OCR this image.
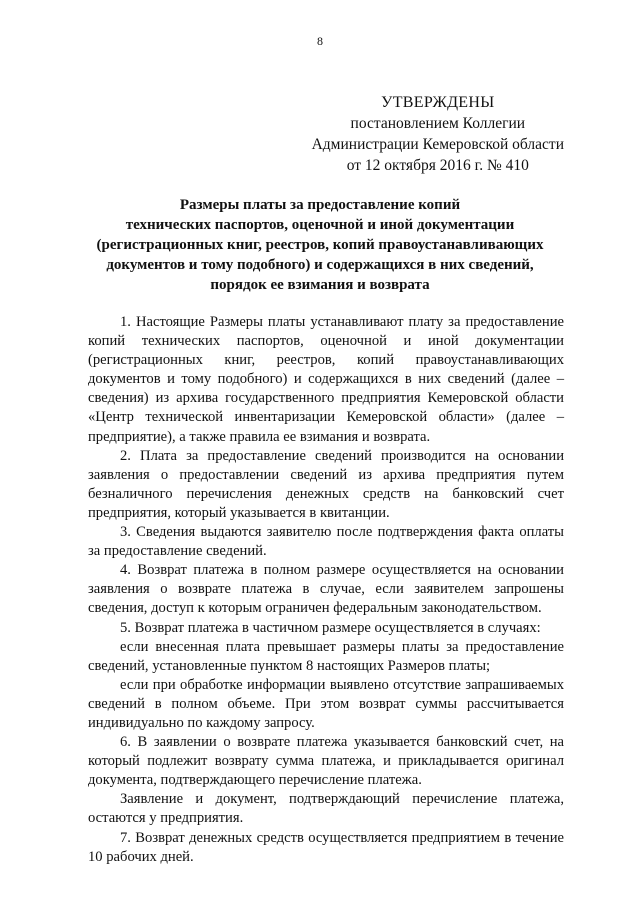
8
УТВЕРЖДЕНЫ
постановлением Коллегии
Администрации Кемеровской области
от 12 октября 2016 г. № 410
Размеры платы за предоставление копий
технических паспортов, оценочной и иной документации
(регистрационных книг, реестров, копий правоустанавливающих
документов и тому подобного) и содержащихся в них сведений,
порядок ее взимания и возврата

1. Настоящие Размеры платы устанавливают плату за предоставление копий технических паспортов, оценочной и иной документации (регистрационных книг, реестров, копий правоустанавливающих документов и тому подобного) и содержащихся в них сведений (далее – сведения) из архива государственного предприятия Кемеровской области «Центр технической инвентаризации Кемеровской области» (далее – предприятие), а также правила ее взимания и возврата.

2. Плата за предоставление сведений производится на основании заявления о предоставлении сведений из архива предприятия путем безналичного перечисления денежных средств на банковский счет предприятия, который указывается в квитанции.

3. Сведения выдаются заявителю после подтверждения факта оплаты за предоставление сведений.

4. Возврат платежа в полном размере осуществляется на основании заявления о возврате платежа в случае, если заявителем запрошены сведения, доступ к которым ограничен федеральным законодательством.

5. Возврат платежа в частичном размере осуществляется в случаях:

если внесенная плата превышает размеры платы за предоставление сведений, установленные пунктом 8 настоящих Размеров платы;

если при обработке информации выявлено отсутствие запрашиваемых сведений в полном объеме. При этом возврат суммы рассчитывается индивидуально по каждому запросу.

6. В заявлении о возврате платежа указывается банковский счет, на который подлежит возврату сумма платежа, и прикладывается оригинал документа, подтверждающего перечисление платежа.

Заявление и документ, подтверждающий перечисление платежа, остаются у предприятия.

7. Возврат денежных средств осуществляется предприятием в течение 10 рабочих дней.
